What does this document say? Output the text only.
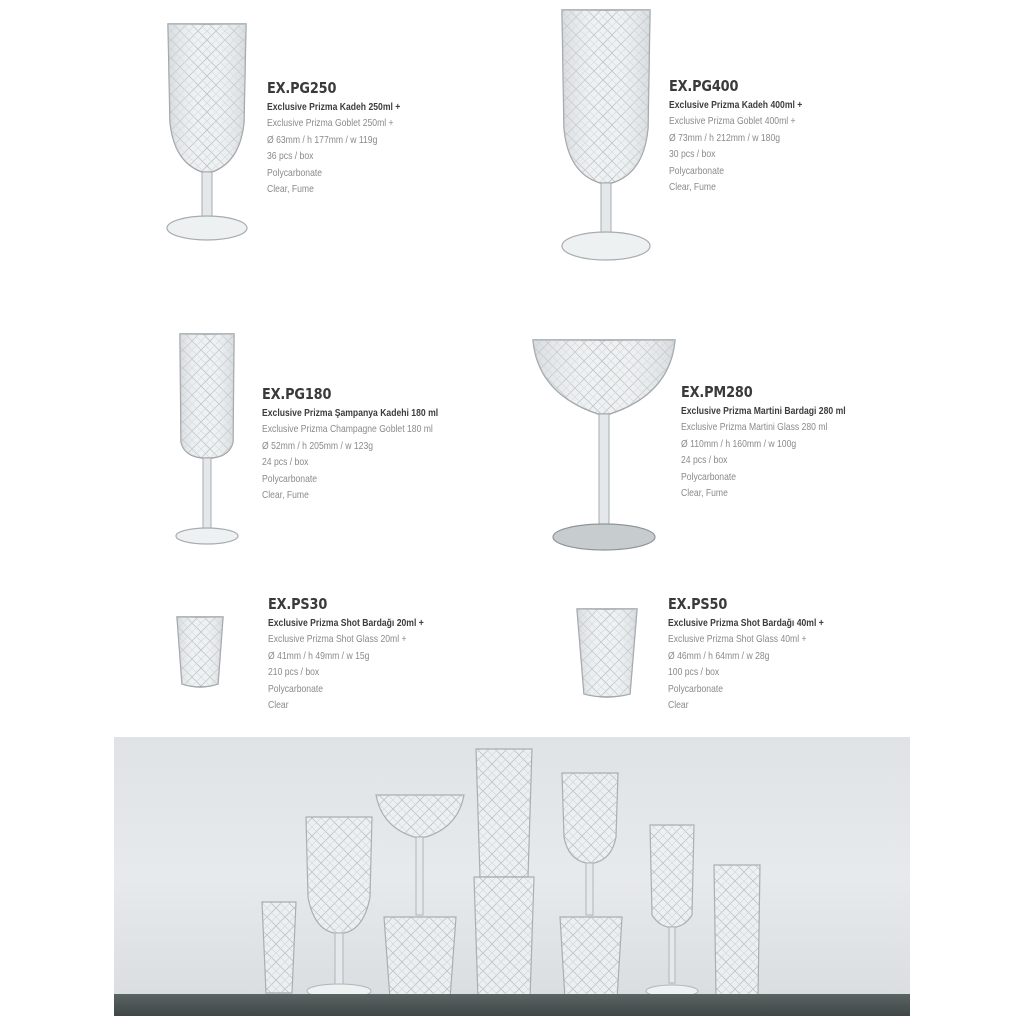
EX.PG250
Exclusive Prizma Kadeh 250ml +
Exclusive Prizma Goblet 250ml +
Ø 63mm / h 177mm / w 119g
36 pcs / box
Polycarbonate
Clear, Fume
EX.PG400
Exclusive Prizma Kadeh 400ml +
Exclusive Prizma Goblet 400ml +
Ø 73mm / h 212mm / w 180g
30 pcs / box
Polycarbonate
Clear, Fume
EX.PG180
Exclusive Prizma Şampanya Kadehi 180 ml
Exclusive Prizma Champagne Goblet 180 ml
Ø 52mm / h 205mm / w 123g
24 pcs / box
Polycarbonate
Clear, Fume
EX.PM280
Exclusive Prizma Martini Bardagi 280 ml
Exclusive Prizma Martini Glass 280 ml
Ø 110mm / h 160mm / w 100g
24 pcs / box
Polycarbonate
Clear, Fume
EX.PS30
Exclusive Prizma Shot Bardağı 20ml +
Exclusive Prizma Shot Glass 20ml +
Ø 41mm / h 49mm / w 15g
210 pcs / box
Polycarbonate
Clear
EX.PS50
Exclusive Prizma Shot Bardağı 40ml +
Exclusive Prizma Shot Glass 40ml +
Ø 46mm / h 64mm / w 28g
100 pcs / box
Polycarbonate
Clear
